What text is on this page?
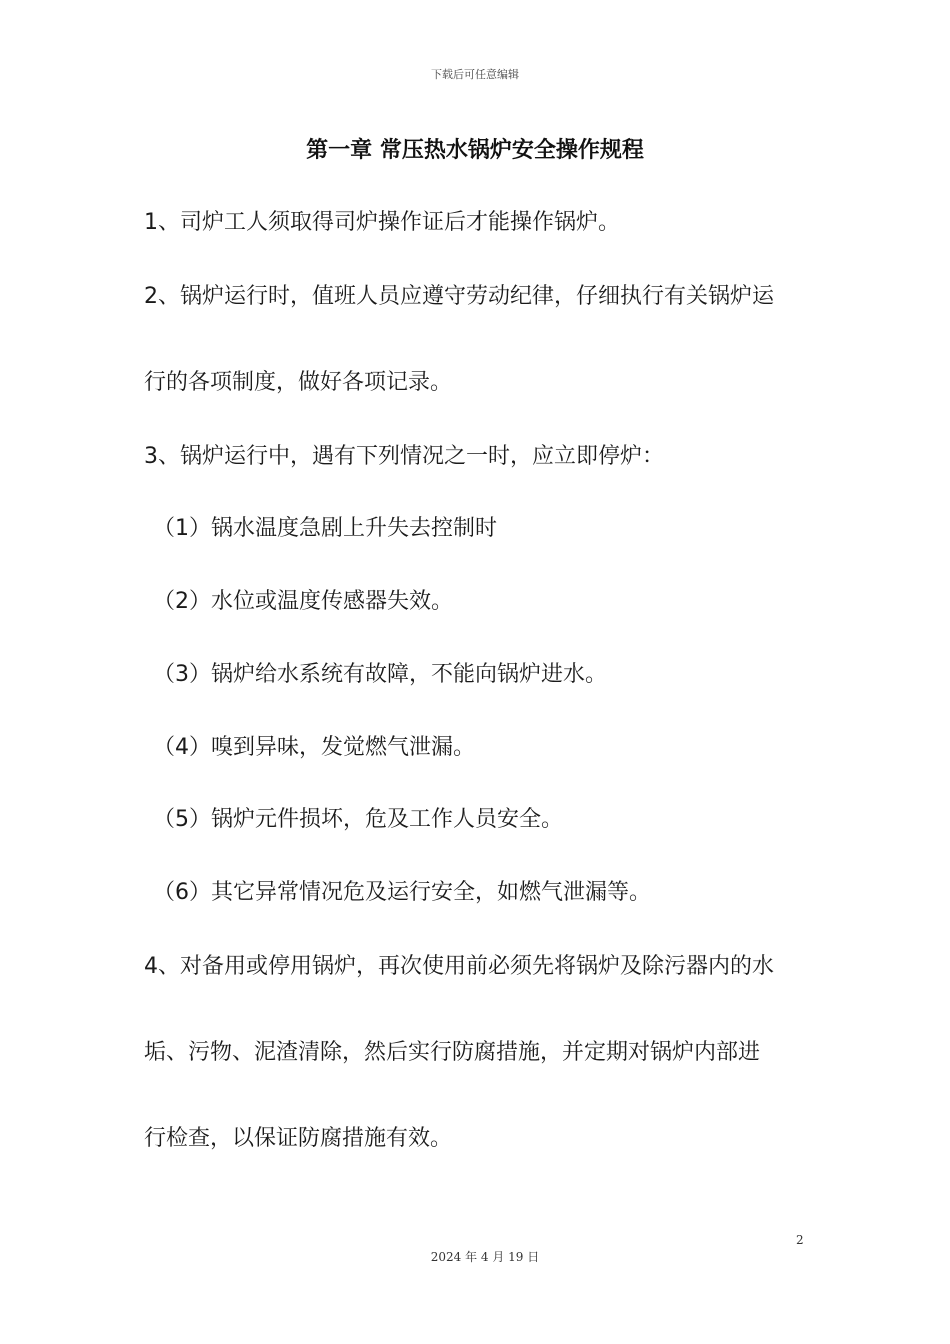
下载后可任意编辑
第一章 常压热水锅炉安全操作规程
1、司炉工人须取得司炉操作证后才能操作锅炉。
2、锅炉运行时，值班人员应遵守劳动纪律，仔细执行有关锅炉运
行的各项制度，做好各项记录。
3、锅炉运行中，遇有下列情况之一时，应立即停炉：
（1）锅水温度急剧上升失去控制时
（2）水位或温度传感器失效。
（3）锅炉给水系统有故障，不能向锅炉进水。
（4）嗅到异味，发觉燃气泄漏。
（5）锅炉元件损坏，危及工作人员安全。
（6）其它异常情况危及运行安全，如燃气泄漏等。
4、对备用或停用锅炉，再次使用前必须先将锅炉及除污器内的水
垢、污物、泥渣清除，然后实行防腐措施，并定期对锅炉内部进
行检查，以保证防腐措施有效。
2
2024 年 4 月 19 日
